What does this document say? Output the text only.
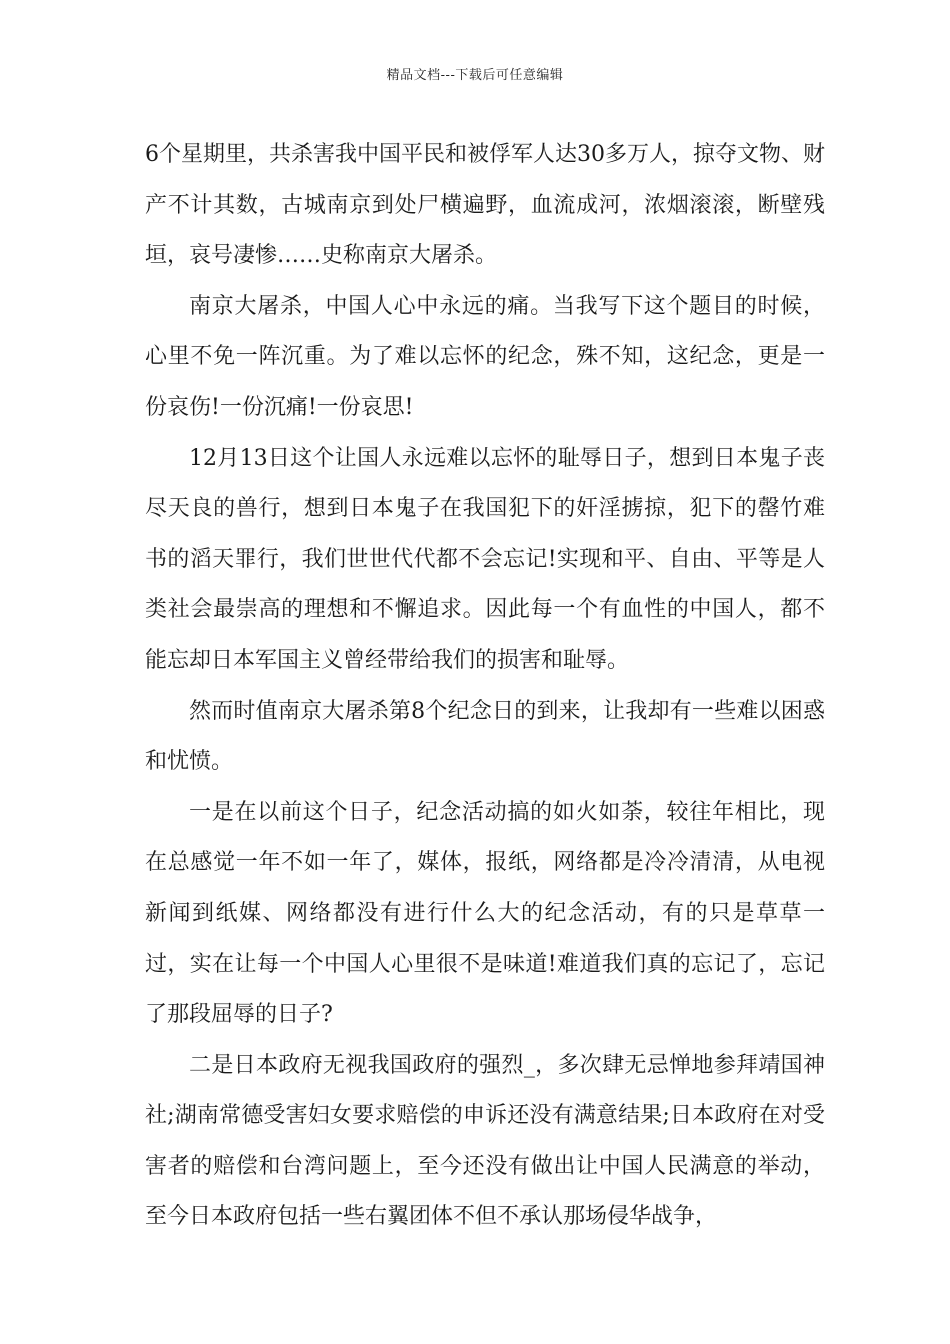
精品文档---下载后可任意编辑

6个星期里，共杀害我中国平民和被俘军人达30多万人，掠夺文物、财产不计其数，古城南京到处尸横遍野，血流成河，浓烟滚滚，断壁残垣，哀号凄惨……史称南京大屠杀。

南京大屠杀，中国人心中永远的痛。当我写下这个题目的时候，心里不免一阵沉重。为了难以忘怀的纪念，殊不知，这纪念，更是一份哀伤!一份沉痛!一份哀思!

12月13日这个让国人永远难以忘怀的耻辱日子，想到日本鬼子丧尽天良的兽行，想到日本鬼子在我国犯下的奸淫掳掠，犯下的罄竹难书的滔天罪行，我们世世代代都不会忘记!实现和平、自由、平等是人类社会最崇高的理想和不懈追求。因此每一个有血性的中国人，都不能忘却日本军国主义曾经带给我们的损害和耻辱。

然而时值南京大屠杀第8个纪念日的到来，让我却有一些难以困惑和忧愤。

一是在以前这个日子，纪念活动搞的如火如荼，较往年相比，现在总感觉一年不如一年了，媒体，报纸，网络都是冷冷清清，从电视新闻到纸媒、网络都没有进行什么大的纪念活动，有的只是草草一过，实在让每一个中国人心里很不是味道!难道我们真的忘记了，忘记了那段屈辱的日子?

二是日本政府无视我国政府的强烈_，多次肆无忌惮地参拜靖国神社;湖南常德受害妇女要求赔偿的申诉还没有满意结果;日本政府在对受害者的赔偿和台湾问题上，至今还没有做出让中国人民满意的举动，至今日本政府包括一些右翼团体不但不承认那场侵华战争，
